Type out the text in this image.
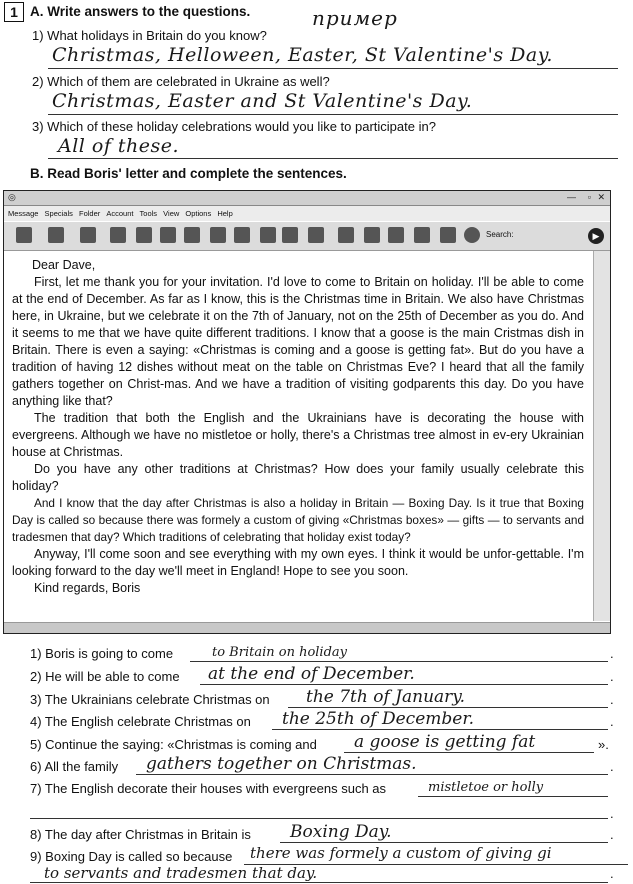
1 A. Write answers to the questions.	пример
1) What holidays in Britain do you know?
Christmas, Helloween, Easter, St Valentine's Day.
2) Which of them are celebrated in Ukraine as well?
Christmas, Easter and St Valentine's Day.
3) Which of these holiday celebrations would you like to participate in?
All of these.
B. Read Boris' letter and complete the sentences.
◎	— ▫ ✕
Message Specials Folder Account Tools View Options Help
Search:	▶

Dear Dave,

First, let me thank you for your invitation. I'd love to come to Britain on holiday. I'll be able to come at the end of December. As far as I know, this is the Christmas time in Britain. We also have Christmas here, in Ukraine, but we celebrate it on the 7th of January, not on the 25th of December as you do. And it seems to me that we have quite different traditions. I know that a goose is the main Cristmas dish in Britain. There is even a saying: «Christmas is coming and a goose is getting fat». But do you have a tradition of having 12 dishes without meat on the table on Christmas Eve? I heard that all the family gathers together on Christ-mas. And we have a tradition of visiting godparents this day. Do you have anything like that?

The tradition that both the English and the Ukrainians have is decorating the house with evergreens. Although we have no mistletoe or holly, there's a Christmas tree almost in ev-ery Ukrainian house at Christmas.

Do you have any other traditions at Christmas? How does your family usually celebrate this holiday?

And I know that the day after Christmas is also a holiday in Britain — Boxing Day. Is it true that Boxing Day is called so because there was formely a custom of giving «Christmas boxes» — gifts — to servants and tradesmen that day? Which traditions of celebrating that holiday exist today?

Anyway, I'll come soon and see everything with my own eyes. I think it would be unfor-gettable. I'm looking forward to the day we'll meet in England! Hope to see you soon.

Kind regards, Boris

1) Boris is going to come	to Britain on holiday	.
2) He will be able to come at the end of December.	.
3) The Ukrainians celebrate Christmas on the 7th of January.	.
4) The English celebrate Christmas on the 25th of December.	.
5) Continue the saying: «Christmas is coming and a goose is getting fat	».
6) All the family gathers together on Christmas.	.
7) The English decorate their houses with evergreens such as	mistletoe or holly
.
8) The day after Christmas in Britain is Boxing Day.	.
9) Boxing Day is called so because there was formely a custom of giving gi
to servants and tradesmen that day.	.
